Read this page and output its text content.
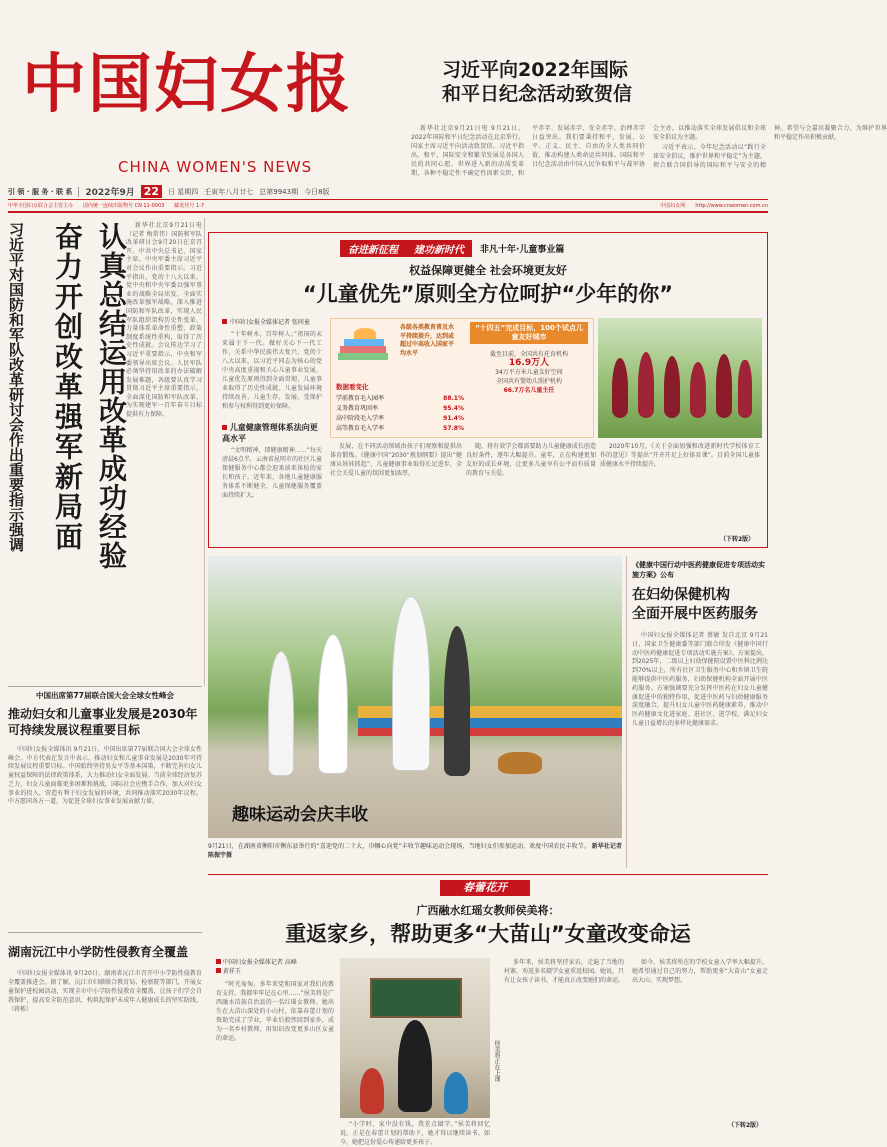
中国妇女报
CHINA WOMEN'S NEWS
习近平向2022年国际
和平日纪念活动致贺信

新华社北京9月21日电 9月21日，2022年国际和平日纪念活动在北京举行。国家主席习近平向活动致贺信。习近平指出，和平，国际安全和繁荣发展是各国人民的共同心愿。世界进入新的动荡变革期，各种不稳定性不确定性因素交织，和平赤字、发展赤字、安全赤字、治理赤字日益突出。我们要秉持和平、发展、公平、正义、民主、自由的全人类共同价值，推动构建人类命运共同体。国际和平日纪念活动由中国人民争取和平与裁军协会主办，以推动落实全球发展倡议和全球安全倡议为主题。

习近平表示，今年纪念活动以“践行全球安全倡议，维护世界和平稳定”为主题，契合联合国倡导的国际和平与安全的精神。希望与会嘉宾凝聚合力，为维护世界和平稳定作出积极贡献。

引 领 · 服 务 · 联 系 2022年9月 22	日 星期四 壬寅年八月廿七 总第9943期 今日8版
中华全国妇女联合会主管主办 国内统一连续出版物号 CN 11-0003 邮发代号 1-7	中国妇女网 http://www.cnwomen.com.cn
习近平对国防和军队改革研讨会作出重要指示强调 奋力开创改革强军新局面 认真总结运用改革成功经验	新华社北京9月21日电（记者 梅常伟）国防和军队改革研讨会9月20日在京召开。中共中央总书记、国家主席、中央军委主席习近平对会议作出重要指示。习近平指出，党的十八大以来，党中央和中央军委以强军事业的战略全局出发，全面实施改革强军战略，深入推进国防和军队改革，实现人民军队组织架构历史性变革、力量体系革命性重塑、政策制度系统性重构，取得了历史性成就。会议传达学习了习近平重要指示，中央和军委领导出席会议。人民军队必须坚持用改革的办法破解发展难题，各级要认真学习贯彻习近平主席重要指示，全面深化国防和军队改革，为实现建军一百年奋斗目标提供有力保障。

中国出席第77届联合国大会全球女性峰会
推动妇女和儿童事业发展是2030年可持续发展议程重要目标

中国妇女报全媒体讯 9月21日，中国出席第77届联合国大会全球女性峰会。中方代表在发言中表示，推动妇女和儿童事业发展是2030年可持续发展议程重要目标。中国始终坚持男女平等基本国策，不断完善妇女儿童权益保障的法律政策体系，大力推动妇女全面发展。当前全球经济复苏乏力，妇女儿童面临更多困难和挑战，国际社会应携手合作，加大对妇女事业的投入，营造有利于妇女发展的环境，共同推动落实2030年议程。中方愿同各方一道，为促进全球妇女事业发展贡献力量。

湖南沅江中小学防性侵教育全覆盖

中国妇女报全媒体讯 9月20日，湖南省沅江市召开中小学防性侵教育全覆盖推进会。据了解，沅江市妇联联合教育局、检察院等部门，开展女童保护进校园活动，实现全市中小学防性侵教育全覆盖，让孩子们学会自我保护，提高安全防范意识，构筑起保护未成年人健康成长的坚实防线。（蒋栋）

奋进新征程	建功新时代	非凡十年·儿童事业篇
权益保障更健全 社会环境更友好
“儿童优先”原则全方位呵护“少年的你”
中国妇女报全媒体记者 张问童

“十年树木，百年树人。”祖国的未来属于下一代。做好关心下一代工作，关系中华民族伟大复兴。党的十八大以来，以习近平同志为核心的党中央高度重视和关心儿童事业发展，儿童优先原则得到全面贯彻，儿童事业取得了历史性成就。儿童发展环境持续改善，儿童生存、发展、受保护和参与权利得到更好保障。

儿童健康管理体系法向更高水平

“文明精神，即健康精神……”每天清晨6点半，云南省昆明市的社区儿童保健服务中心都会迎来前来体检的家长和孩子。近年来，各地儿童健康服务体系不断健全，儿童保健服务覆盖面持续扩大。

各级各类教育普及水平持续提升，达到或超过中高收入国家平均水平
学前教育毛入园率	88.1%
义务教育巩固率	95.4%
高中阶段毛入学率	91.4%
高等教育毛入学率	57.8%
数据看变化
“十四五”完成目标，100个试点儿童友好城市
截至目前，全国共有托育机构
16.9万人
34万平方米儿童友好空间
全国共有婴幼儿照护机构
66.7万名儿童主任

发展，在不同活动领域由孩子们观察和提供出体育锻炼。《健康中国“2030”规划纲要》提出“健康从娃娃抓起”，儿童健康事业取得长足进步，全社会关爱儿童的氛围更加浓厚。

随，将有效学会都需要助力儿童健康成长创造良好条件，逐年大幅提升。童年，正在构建更加友好的成长环境，让更多儿童享有公平而有质量的教育与关爱。

2020年10月，《关于全面加强和改进新时代学校体育工作的意见》等提出“开齐开足上好体育课”。目前全国儿童体质健康水平持续提升。

（下转2版）
趣味运动会庆丰收
9月21日，在湖南省衡阳市衡东县举行的“喜迎党的二十大，巾帼心向党”丰收节趣味运动会现场，当地妇女们参加运动，欢度中国农民丰收节。 新华社记者 陈振宇摄
《健康中国行动中医药健康促进专项活动实施方案》公布
在妇幼保健机构
全面开展中医药服务

中国妇女报全媒体记者 蔡敏 发自北京 9月21日，国家卫生健康委等部门联合印发《健康中国行动中医药健康促进专项活动实施方案》。方案提出，到2025年，二级以上妇幼保健院设置中医科比例达到70%以上，所有社区卫生服务中心和乡镇卫生院能够提供中医药服务，妇幼保健机构全面开展中医药服务。方案强调要充分发挥中医药在妇女儿童健康促进中的独特作用，促进中医药与妇幼健康服务深度融合，提升妇女儿童中医药健康素养，推动中医药健康文化进家庭、进社区、进学校，满足妇女儿童日益增长的多样化健康需求。

春蕾花开
广西融水红瑶女教师侯美将：
重返家乡，帮助更多“大苗山”女童改变命运
中国妇女报全媒体记者 高峰
黄祥玉

“时光匆匆，多年来党和国家对我们的教育支持，我都牢牢记在心里……”侯美将是广西融水苗族自治县的一名红瑶女教师。她出生在大苗山深处的小山村，依靠春蕾计划的资助完成了学业，毕业后毅然回到家乡，成为一名乡村教师，用知识改变更多山区女童的命运。

侯美将正在上课

“小学时，家中没有钱，我差点辍学。”侯美将回忆说。正是在春蕾计划的帮助下，她才得以继续读书。如今，她把这份爱心传递给更多孩子。

多年来，侯美将坚持家访，走遍了当地的村寨，劝返多名辍学女童重返校园。她说，只有让女孩子读书，才能真正改变她们的命运。

如今，侯美将所在的学校女童入学率大幅提升。她希望通过自己的努力，帮助更多“大苗山”女童走出大山、实现梦想。

（下转2版）
